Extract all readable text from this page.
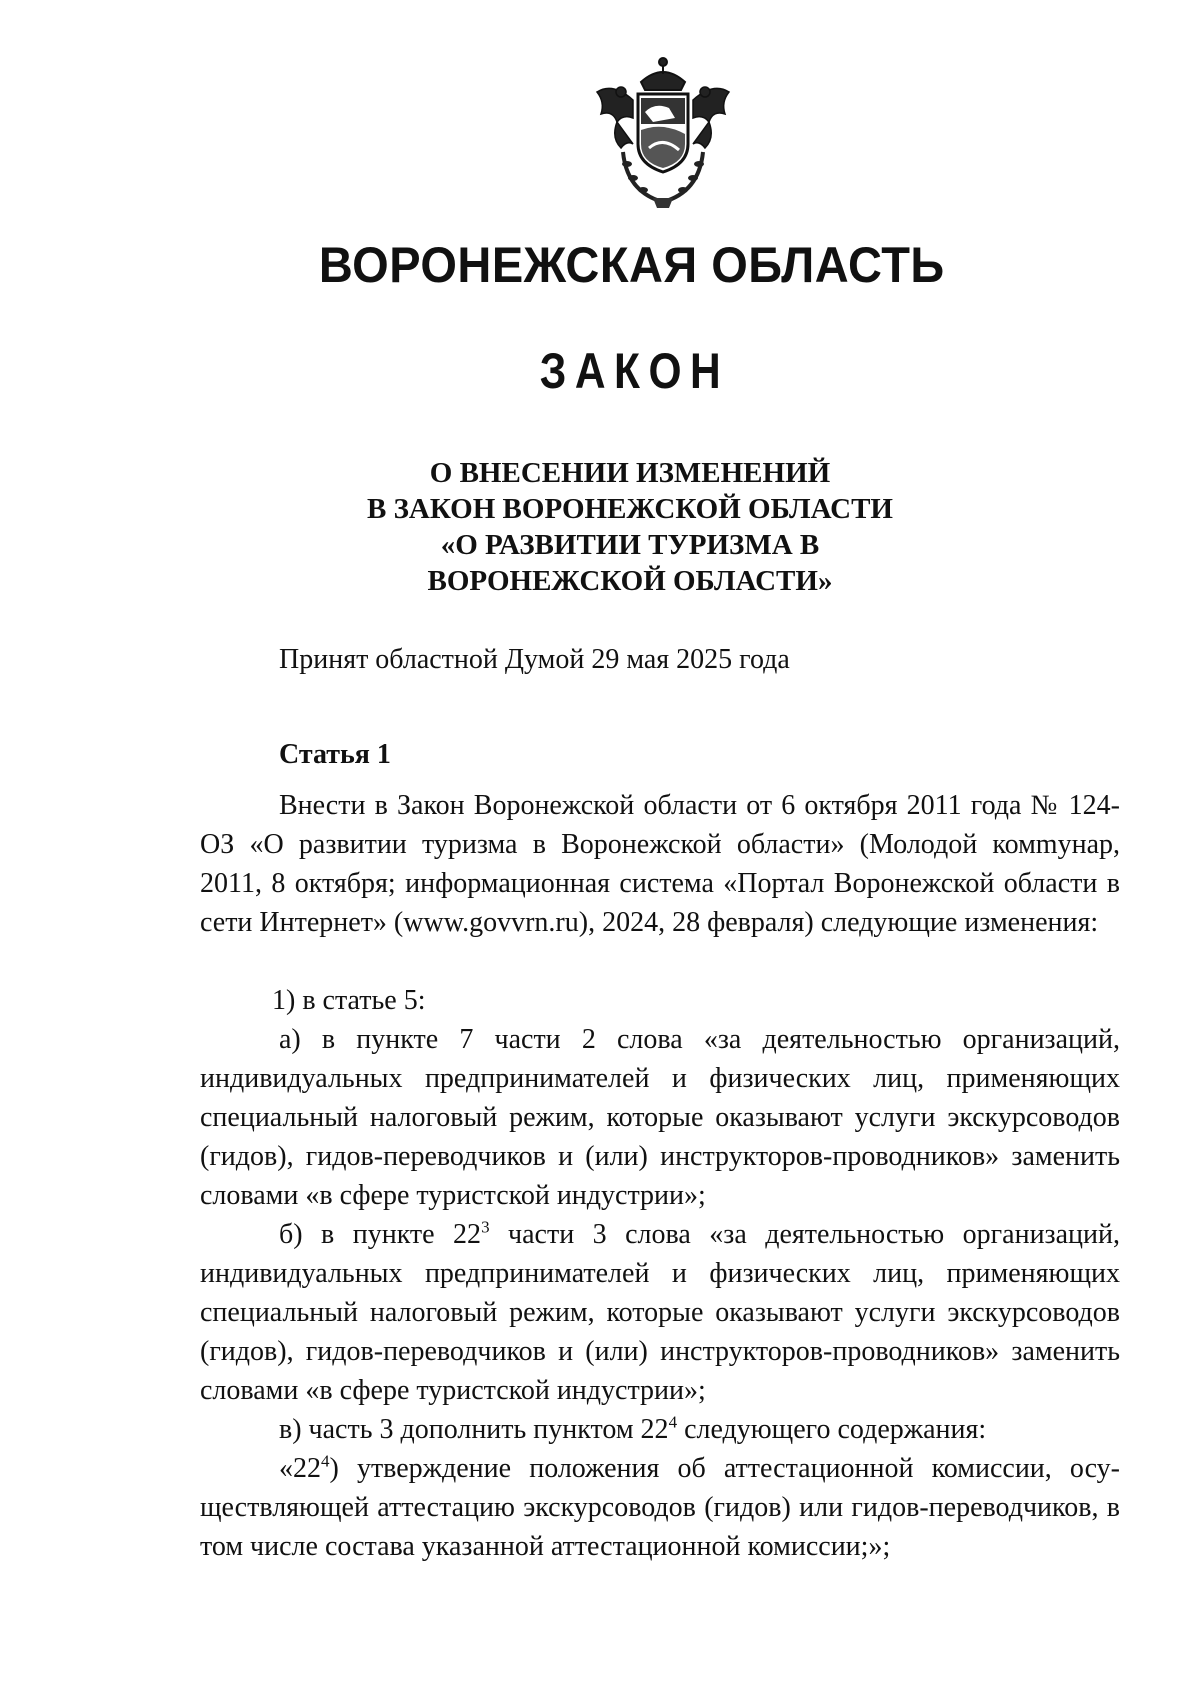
ВОРОНЕЖСКАЯ ОБЛАСТЬ
ЗАКОН
О ВНЕСЕНИИ ИЗМЕНЕНИЙ
В ЗАКОН ВОРОНЕЖСКОЙ ОБЛАСТИ
«О РАЗВИТИИ ТУРИЗМА В
ВОРОНЕЖСКОЙ ОБЛАСТИ»
Принят областной Думой 29 мая 2025 года
Статья 1

Внести в Закон Воронежской области от 6 октября 2011 года № 124-ОЗ «О развитии туризма в Воронежской области» (Молодой комmунар, 2011, 8 октября; информационная система «Портал Воронежской области в сети Интернет» (www.govvrn.ru), 2024, 28 февраля) следующие изменения:

1) в статье 5:

а) в пункте 7 части 2 слова «за деятельностью организаций, индивидуальных предпринимателей и физических лиц, применяющих специальный налоговый режим, которые оказывают услуги экскурсоводов (гидов), гидов-переводчиков и (или) инструкторов-проводников» заменить словами «в сфере туристской индустрии»;

б) в пункте $22^3$ части 3 слова «за деятельностью организаций, индивидуальных предпринимателей и физических лиц, применяющих специальный налоговый режим, которые оказывают услуги экскурсоводов (гидов), гидов-переводчиков и (или) инструкторов-проводников» заменить словами «в сфере туристской индустрии»;

в) часть 3 дополнить пунктом $22^4$ следующего содержания:

«$22^4$) утверждение положения об аттестационной комиссии, осуществляющей аттестацию экскурсоводов (гидов) или гидов-переводчиков, в том числе состава указанной аттестационной комиссии;»;
